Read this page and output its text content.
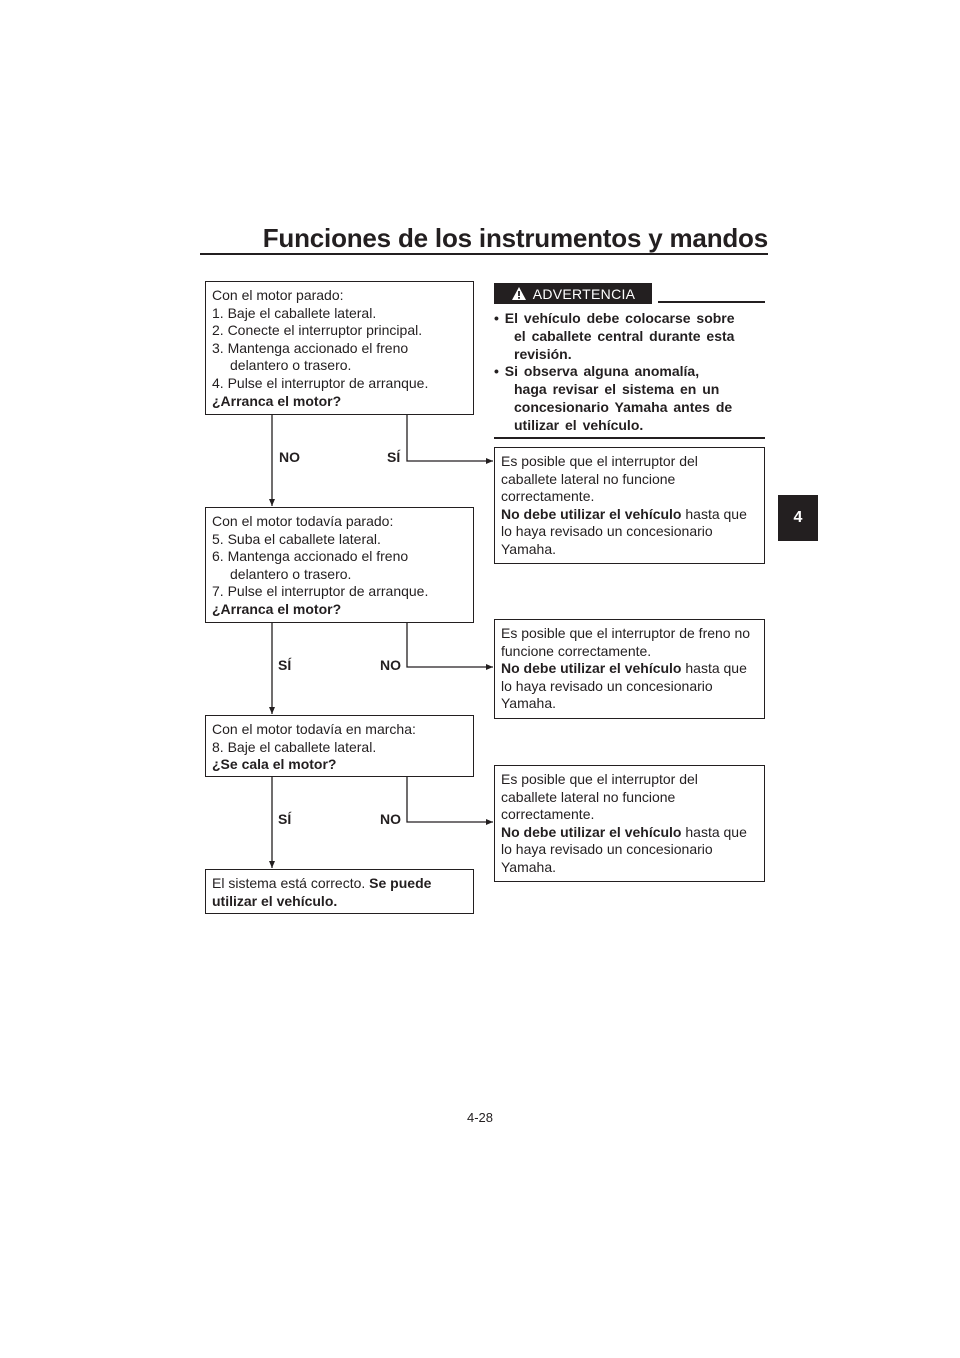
Funciones de los instrumentos y mandos
4
Con el motor parado:
1. Baje el caballete lateral.
2. Conecte el interruptor principal.
3. Mantenga accionado el freno
delantero o trasero.
4. Pulse el interruptor de arranque.
¿Arranca el motor?
Con el motor todavía parado:
5. Suba el caballete lateral.
6. Mantenga accionado el freno
delantero o trasero.
7. Pulse el interruptor de arranque.
¿Arranca el motor?
Con el motor todavía en marcha:
8. Baje el caballete lateral.
¿Se cala el motor?
El sistema está correcto. Se puede
utilizar el vehículo.
Es posible que el interruptor del
caballete lateral no funcione
correctamente.
No debe utilizar el vehículo hasta que
lo haya revisado un concesionario
Yamaha.
Es posible que el interruptor de freno no
funcione correctamente.
No debe utilizar el vehículo hasta que
lo haya revisado un concesionario
Yamaha.
Es posible que el interruptor del
caballete lateral no funcione
correctamente.
No debe utilizar el vehículo hasta que
lo haya revisado un concesionario
Yamaha.
NO	SÍ
SÍ	NO
SÍ	NO
ADVERTENCIA
• El vehículo debe colocarse sobre
el caballete central durante esta
revisión.
• Si observa alguna anomalía,
haga revisar el sistema en un
concesionario Yamaha antes de
utilizar el vehículo.
4-28
